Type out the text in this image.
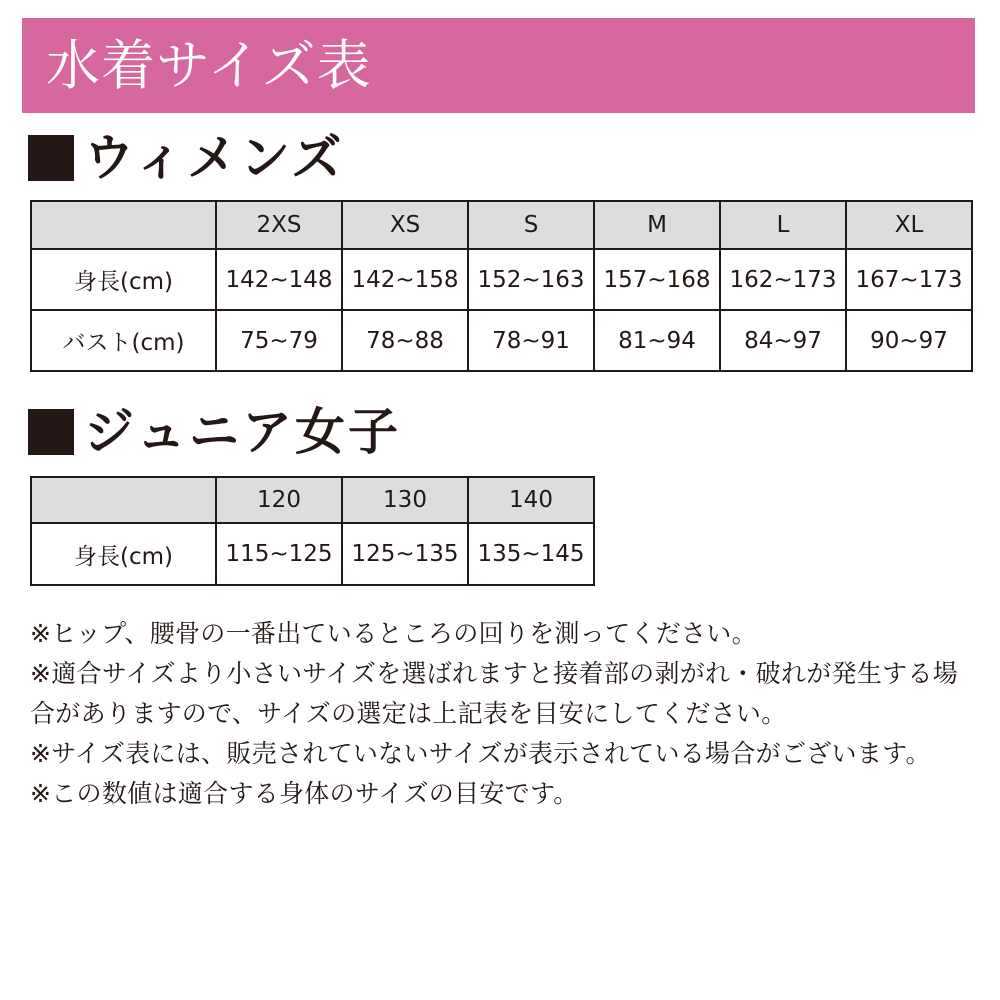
水着サイズ表
ウィメンズ
	2XS	XS	S	M	L	XL
身長(cm)	142~148	142~158	152~163	157~168	162~173	167~173
バスト(cm)	75~79	78~88	78~91	81~94	84~97	90~97
ジュニア女子
	120	130	140
身長(cm)	115~125	125~135	135~145

※ヒップ、腰骨の一番出ているところの回りを測ってください。

※適合サイズより小さいサイズを選ばれますと接着部の剥がれ・破れが発生する場合がありますので、サイズの選定は上記表を目安にしてください。

※サイズ表には、販売されていないサイズが表示されている場合がございます。

※この数値は適合する身体のサイズの目安です。
